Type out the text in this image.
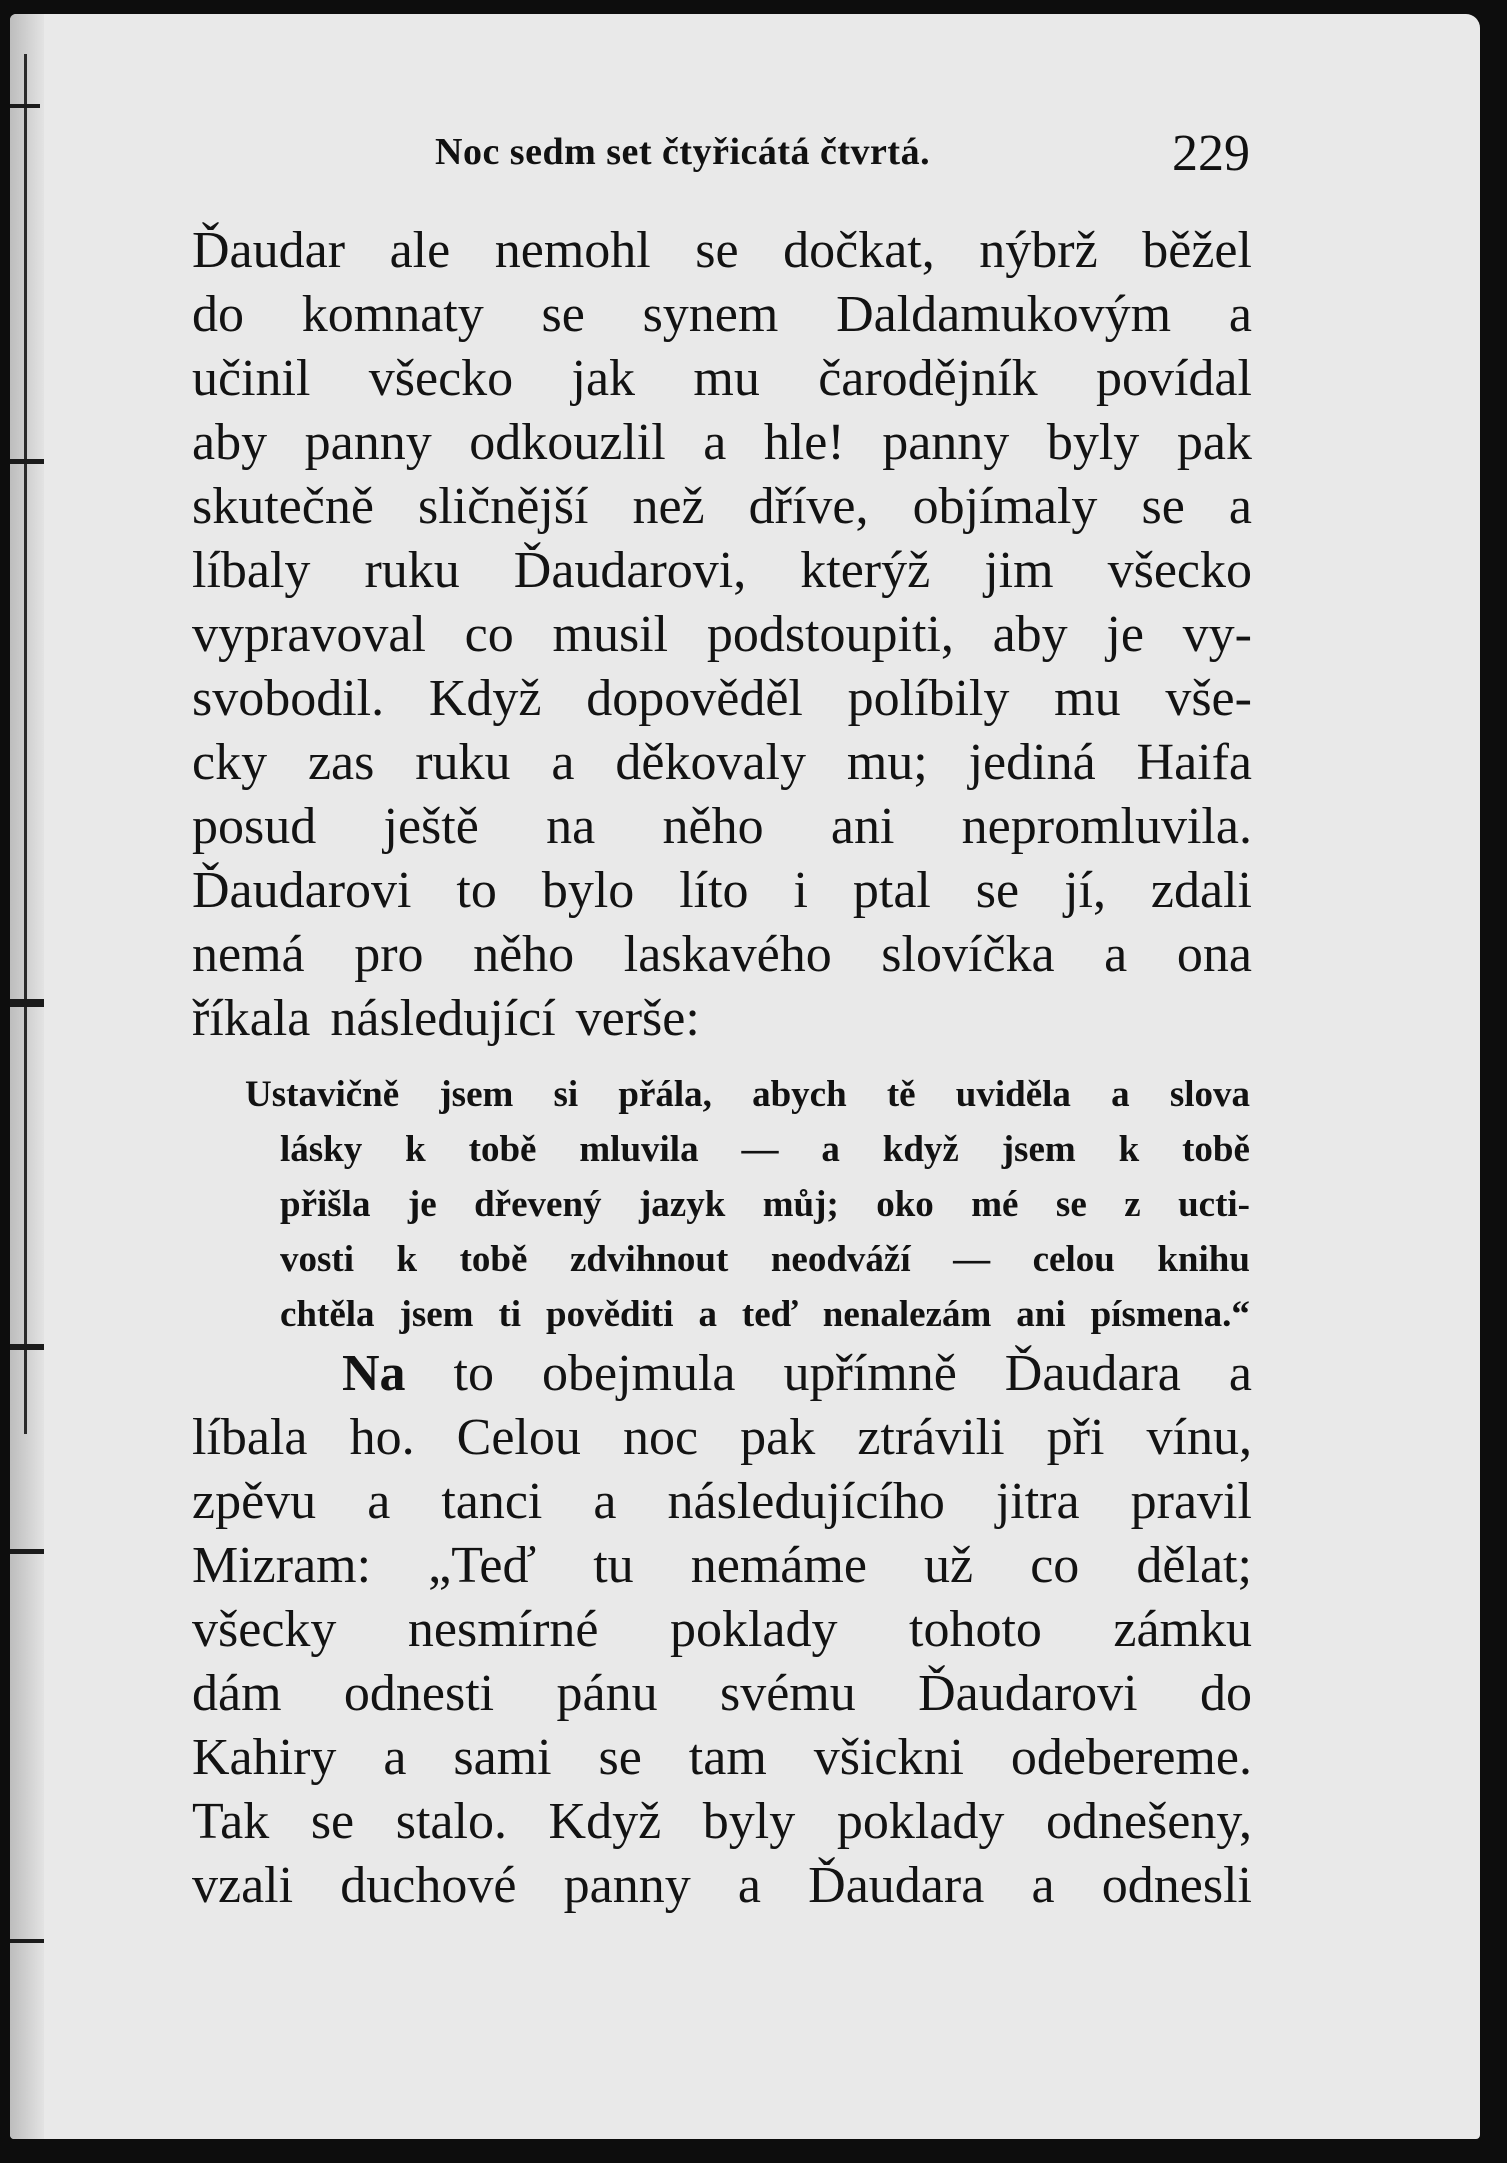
Noc sedm set čtyřicátá čtvrtá.	229
Ďaudar ale nemohl se dočkat, nýbrž běžel
do komnaty se synem Daldamukovým a
učinil všecko jak mu čarodějník povídal
aby panny odkouzlil a hle! panny byly pak
skutečně sličnější než dříve, objímaly se a
líbaly ruku Ďaudarovi, kterýž jim všecko
vypravoval co musil podstoupiti, aby je vy-
svobodil. Když dopověděl políbily mu vše-
cky zas ruku a děkovaly mu; jediná Haifa
posud ještě na něho ani nepromluvila.
Ďaudarovi to bylo líto i ptal se jí, zdali
nemá pro něho laskavého slovíčka a ona
říkala následující verše:
Ustavičně jsem si přála, abych tě uviděla a slova
lásky k tobě mluvila — a když jsem k tobě
přišla je dřevený jazyk můj; oko mé se z ucti-
vosti k tobě zdvihnout neodváží — celou knihu
chtěla jsem ti pověditi a teď nenalezám ani písmena.“
Na to obejmula upřímně Ďaudara a
líbala ho. Celou noc pak ztrávili při vínu,
zpěvu a tanci a následujícího jitra pravil
Mizram: „Teď tu nemáme už co dělat;
všecky nesmírné poklady tohoto zámku
dám odnesti pánu svému Ďaudarovi do
Kahiry a sami se tam všickni odebereme.
Tak se stalo. Když byly poklady odnešeny,
vzali duchové panny a Ďaudara a odnesli
